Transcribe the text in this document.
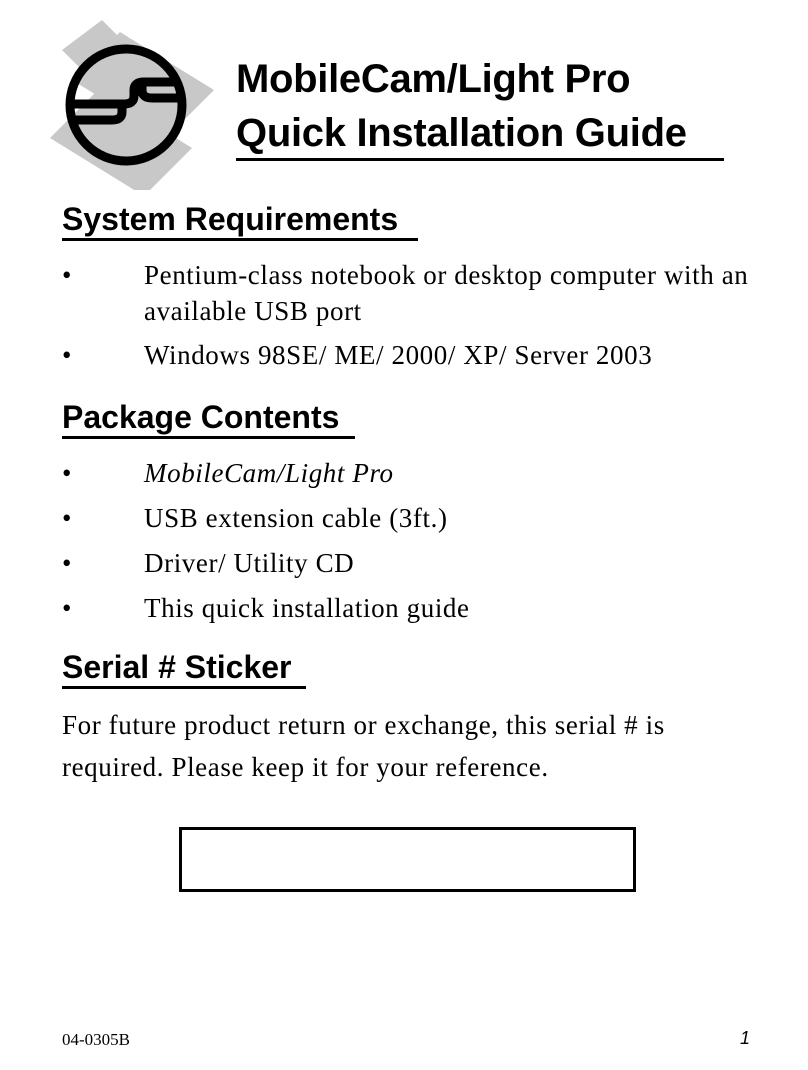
MobileCam/Light Pro
Quick Installation Guide
System Requirements
•	Pentium-class notebook or desktop computer with an available USB port
•	Windows 98SE/ ME/ 2000/ XP/ Server 2003
Package Contents
•	MobileCam/Light Pro
•	USB extension cable (3ft.)
•	Driver/ Utility CD
•	This quick installation guide
Serial # Sticker
For future product return or exchange, this serial # is required. Please keep it for your reference.
04-0305B	1
